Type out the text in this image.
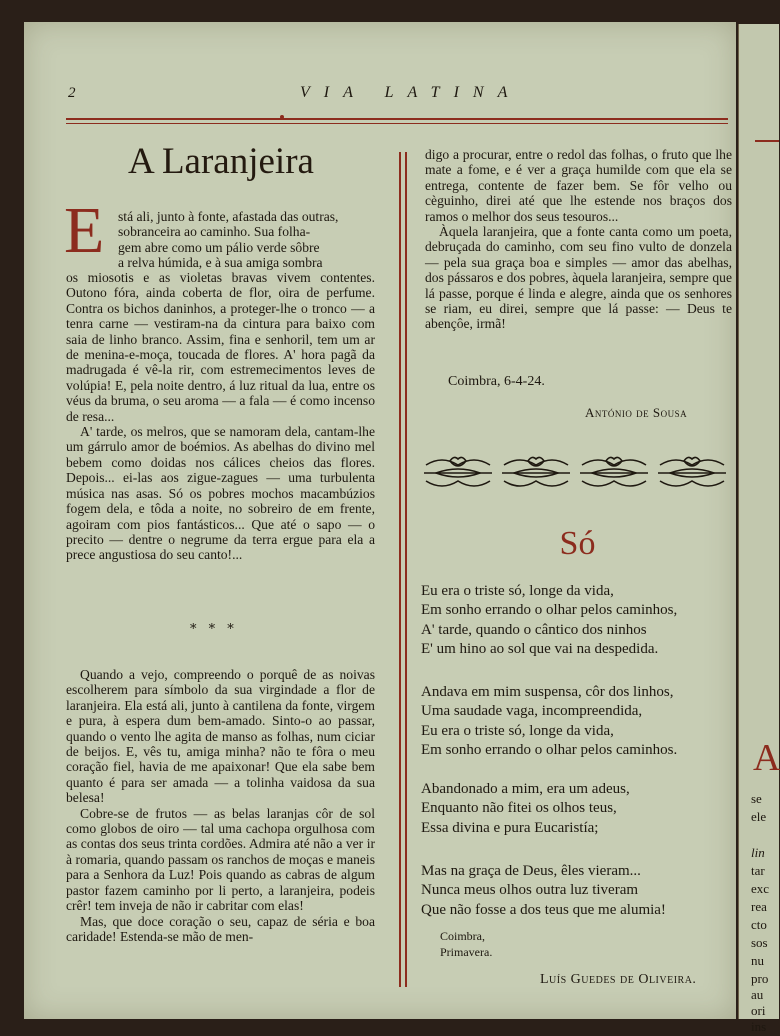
A
se
ele
lin
tar
exc
rea
cto
sos
nu
pro
au
ori
ins
2	VIA LATINA
A Laranjeira
E stá ali, junto à fonte, afastada das outras,

sobranceira ao caminho. Sua folha-

gem abre como um pálio verde sôbre

a relva húmida, e à sua amiga sombra

os miosotis e as violetas bravas vivem contentes. Outono fóra, ainda coberta de flor, oira de perfume. Contra os bichos daninhos, a proteger-lhe o tronco — a tenra carne — vestiram-na da cintura para baixo com saia de linho branco. Assim, fina e senhoril, tem um ar de menina-e-moça, toucada de flores. A' hora pagã da madrugada é vê-la rir, com estremecimentos leves de volúpia! E, pela noite dentro, á luz ritual da lua, entre os véus da bruma, o seu aroma — a fala — é como incenso de resa...

A' tarde, os melros, que se namoram dela, cantam-lhe um gárrulo amor de boémios. As abelhas do divino mel bebem como doidas nos cálices cheios das flores. Depois... ei-las aos zigue-zagues — uma turbulenta música nas asas. Só os pobres mochos macambúzios fogem dela, e tôda a noite, no sobreiro de em frente, agoiram com pios fantásticos... Que até o sapo — o precito — dentre o negrume da terra ergue para ela a prece angustiosa do seu canto!...

* * *

Quando a vejo, compreendo o porquê de as noivas escolherem para símbolo da sua virgindade a flor de laranjeira. Ela está ali, junto à cantilena da fonte, virgem e pura, à espera dum bem-amado. Sinto-o ao passar, quando o vento lhe agita de manso as folhas, num ciciar de beijos. E, vês tu, amiga minha? não te fôra o meu coração fiel, havia de me apaixonar! Que ela sabe bem quanto é para ser amada — a tolinha vaidosa da sua belesa!

Cobre-se de frutos — as belas laranjas côr de sol como globos de oiro — tal uma cachopa orgulhosa com as contas dos seus trinta cordões. Admira até não a ver ir à romaria, quando passam os ranchos de moças e maneis para a Senhora da Luz! Pois quando as cabras de algum pastor fazem caminho por li perto, a laranjeira, podeis crêr! tem inveja de não ir cabritar com elas!

Mas, que doce coração o seu, capaz de séria e boa caridade! Estenda-se mão de men-

digo a procurar, entre o redol das folhas, o fruto que lhe mate a fome, e é ver a graça humilde com que ela se entrega, contente de fazer bem. Se fôr velho ou cèguinho, direi até que lhe estende nos braços dos ramos o melhor dos seus tesouros...

Àquela laranjeira, que a fonte canta como um poeta, debruçada do caminho, com seu fino vulto de donzela — pela sua graça boa e simples — amor das abelhas, dos pássaros e dos pobres, àquela laranjeira, sempre que lá passe, porque é linda e alegre, ainda que os senhores se riam, eu direi, sempre que lá passe: — Deus te abençôe, irmã!

Coimbra, 6-4-24.
António de Sousa
Só
Eu era o triste só, longe da vida,
Em sonho errando o olhar pelos caminhos,
A' tarde, quando o cântico dos ninhos
E' um hino ao sol que vai na despedida.
Andava em mim suspensa, côr dos linhos,
Uma saudade vaga, incompreendida,
Eu era o triste só, longe da vida,
Em sonho errando o olhar pelos caminhos.
Abandonado a mim, era um adeus,
Enquanto não fitei os olhos teus,
Essa divina e pura Eucaristía;
Mas na graça de Deus, êles vieram...
Nunca meus olhos outra luz tiveram
Que não fosse a dos teus que me alumia!
Coimbra,
Primavera.
Luís Guedes de Oliveira.
